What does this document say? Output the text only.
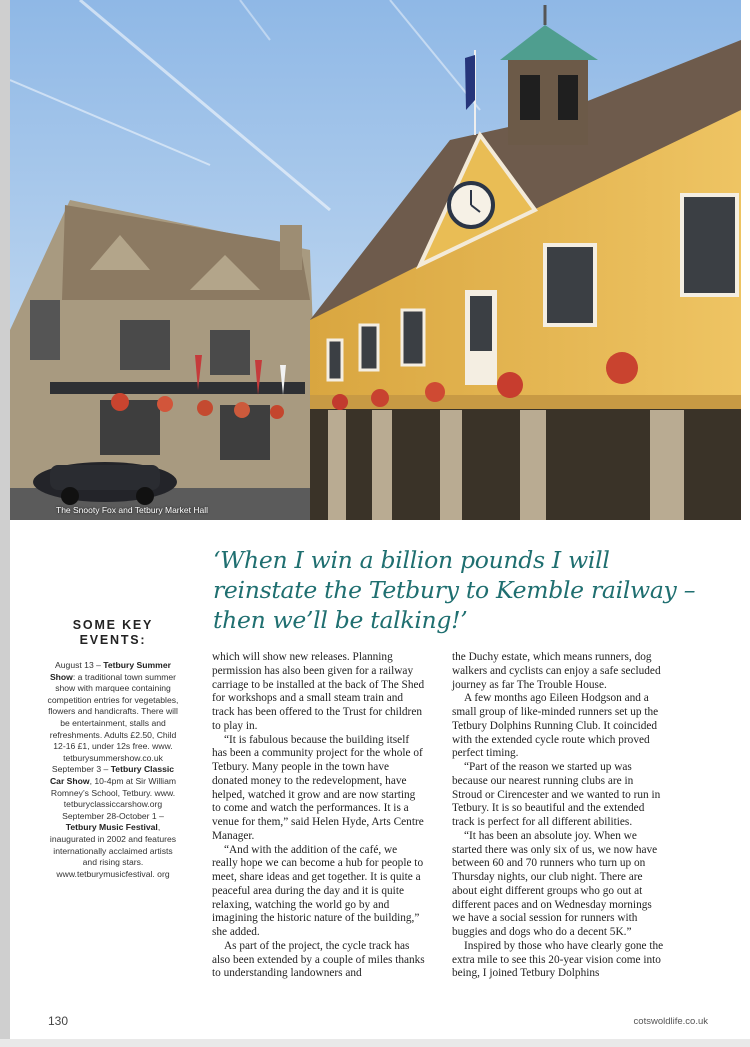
The Snooty Fox and Tetbury Market Hall
‘When I win a billion pounds I will reinstate the Tetbury to Kemble railway – then we’ll be talking!’
SOME KEY EVENTS:
August 13 – Tetbury Summer Show: a traditional town summer show with marquee containing competition entries for vegetables, flowers and handicrafts. There will be entertainment, stalls and refreshments. Adults £2.50, Child 12-16 £1, under 12s free. www. tetburysummershow.co.uk
September 3 – Tetbury Classic Car Show, 10-4pm at Sir William Romney’s School, Tetbury. www. tetburyclassiccarshow.org
September 28-October 1 – Tetbury Music Festival, inaugurated in 2002 and features internationally acclaimed artists and rising stars. www.tetburymusicfestival. org

which will show new releases. Planning permission has also been given for a railway carriage to be installed at the back of The Shed for workshops and a small steam train and track has been offered to the Trust for children to play in.

“It is fabulous because the building itself has been a community project for the whole of Tetbury. Many people in the town have donated money to the redevelopment, have helped, watched it grow and are now starting to come and watch the performances. It is a venue for them,” said Helen Hyde, Arts Centre Manager.

“And with the addition of the café, we really hope we can become a hub for people to meet, share ideas and get together. It is quite a peaceful area during the day and it is quite relaxing, watching the world go by and imagining the historic nature of the building,” she added.

As part of the project, the cycle track has also been extended by a couple of miles thanks to understanding landowners and

the Duchy estate, which means runners, dog walkers and cyclists can enjoy a safe secluded journey as far The Trouble House.

A few months ago Eileen Hodgson and a small group of like-minded runners set up the Tetbury Dolphins Running Club. It coincided with the extended cycle route which proved perfect timing.

“Part of the reason we started up was because our nearest running clubs are in Stroud or Cirencester and we wanted to run in Tetbury. It is so beautiful and the extended track is perfect for all different abilities.

“It has been an absolute joy. When we started there was only six of us, we now have between 60 and 70 runners who turn up on Thursday nights, our club night. There are about eight different groups who go out at different paces and on Wednesday mornings we have a social session for runners with buggies and dogs who do a decent 5K.”

Inspired by those who have clearly gone the extra mile to see this 20-year vision come into being, I joined Tetbury Dolphins

130	cotswoldlife.co.uk
